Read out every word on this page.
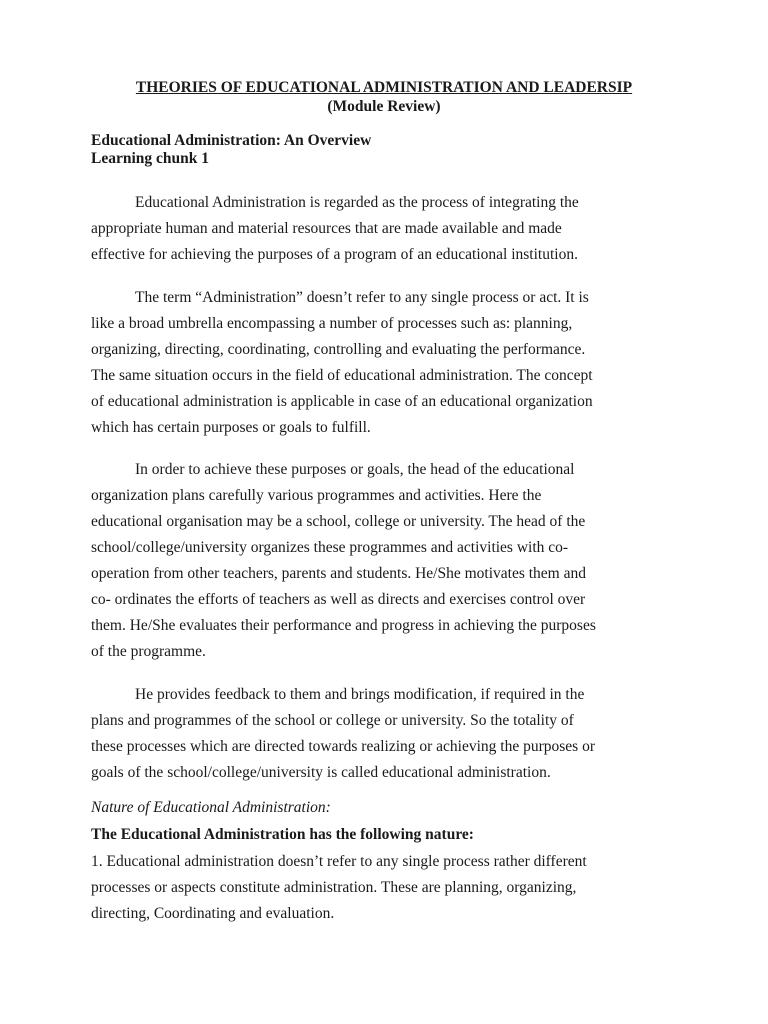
THEORIES OF EDUCATIONAL ADMINISTRATION AND LEADERSIP
(Module Review)
Educational Administration: An Overview
Learning chunk 1
Educational Administration is regarded as the process of integrating the
appropriate human and material resources that are made available and made
effective for achieving the purposes of a program of an educational institution.
The term “Administration” doesn’t refer to any single process or act. It is
like a broad umbrella encompassing a number of processes such as: planning,
organizing, directing, coordinating, controlling and evaluating the performance.
The same situation occurs in the field of educational administration. The concept
of educational administration is applicable in case of an educational organization
which has certain purposes or goals to fulfill.
In order to achieve these purposes or goals, the head of the educational
organization plans carefully various programmes and activities. Here the
educational organisation may be a school, college or university. The head of the
school/college/university organizes these programmes and activities with co-
operation from other teachers, parents and students. He/She motivates them and
co- ordinates the efforts of teachers as well as directs and exercises control over
them. He/She evaluates their performance and progress in achieving the purposes
of the programme.
He provides feedback to them and brings modification, if required in the
plans and programmes of the school or college or university. So the totality of
these processes which are directed towards realizing or achieving the purposes or
goals of the school/college/university is called educational administration.
Nature of Educational Administration:
The Educational Administration has the following nature:
1. Educational administration doesn’t refer to any single process rather different
processes or aspects constitute administration. These are planning, organizing,
directing, Coordinating and evaluation.
